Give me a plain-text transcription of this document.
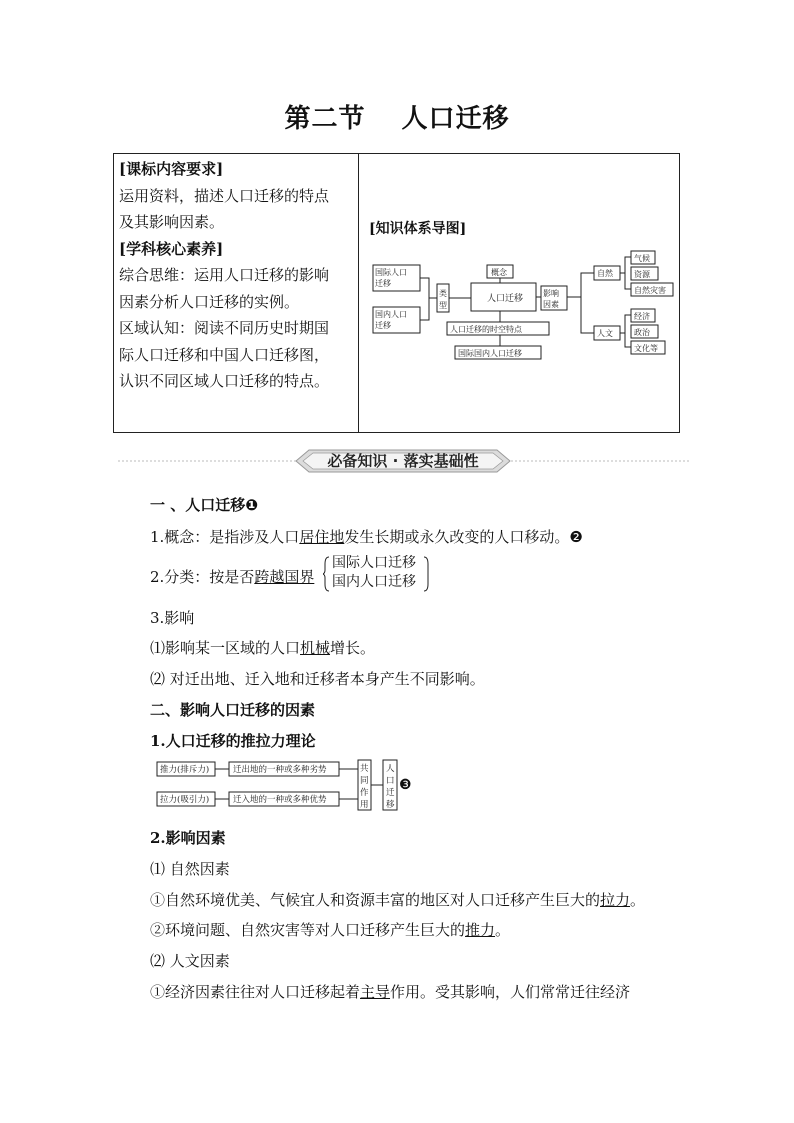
第二节 人口迁移
[课标内容要求]
运用资料，描述人口迁移的特点
及其影响因素。
[学科核心素养]
综合思维：运用人口迁移的影响
因素分析人口迁移的实例。
区域认知：阅读不同历史时期国
际人口迁移和中国人口迁移图，
认识不同区域人口迁移的特点。
[知识体系导图]
国际人口
迁移
国内人口
迁移
类
型
概念
人口迁移
人口迁移的时空特点
国际国内人口迁移
影响
因素
自然
人文
气候
资源
自然灾害
经济
政治
文化等
必备知识 · 落实基础性
一 、人口迁移❶
1.概念：是指涉及人口居住地发生长期或永久改变的人口移动。❷
2.分类：按是否跨越国界
国际人口迁移
国内人口迁移
3.影响
⑴影响某一区域的人口机械增长。
⑵ 对迁出地、迁入地和迁移者本身产生不同影响。
二、影响人口迁移的因素
1.人口迁移的推拉力理论
推力(排斥力)	迁出地的一种或多种劣势
拉力(吸引力)	迁入地的一种或多种优势
共
同
作
用
人
口
迁
移
❸
2.影响因素
⑴ 自然因素
①自然环境优美、气候宜人和资源丰富的地区对人口迁移产生巨大的拉力。
②环境问题、自然灾害等对人口迁移产生巨大的推力。
⑵ 人文因素
①经济因素往往对人口迁移起着主导作用。受其影响，人们常常迁往经济
